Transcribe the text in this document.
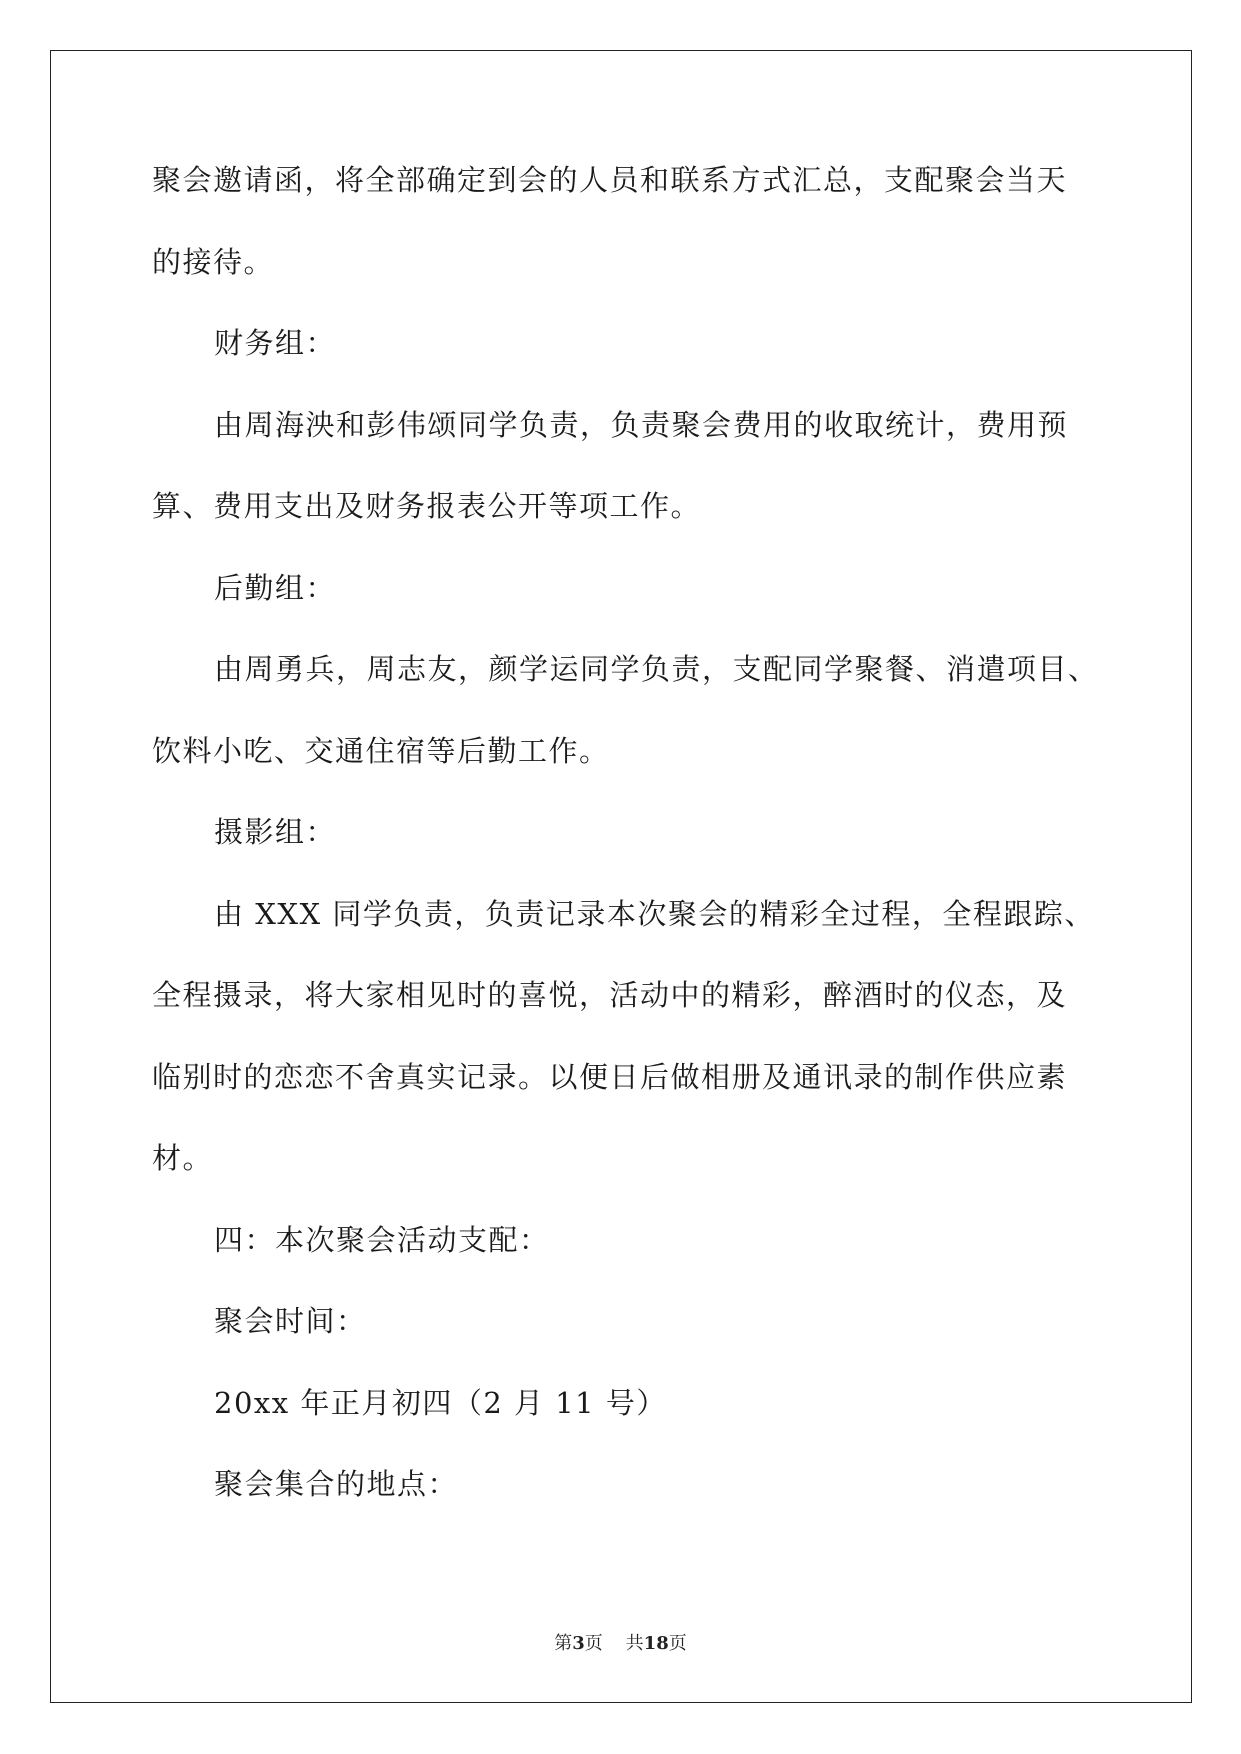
聚会邀请函，将全部确定到会的人员和联系方式汇总，支配聚会当天
的接待。
财务组：
由周海泱和彭伟颂同学负责，负责聚会费用的收取统计，费用预
算、费用支出及财务报表公开等项工作。
后勤组：
由周勇兵，周志友，颜学运同学负责，支配同学聚餐、消遣项目、
饮料小吃、交通住宿等后勤工作。
摄影组：
由 XXX 同学负责，负责记录本次聚会的精彩全过程，全程跟踪、
全程摄录，将大家相见时的喜悦，活动中的精彩，醉酒时的仪态，及
临别时的恋恋不舍真实记录。以便日后做相册及通讯录的制作供应素
材。
四：本次聚会活动支配：
聚会时间：
20xx 年正月初四（2 月 11 号）
聚会集合的地点：
第3页 共18页
